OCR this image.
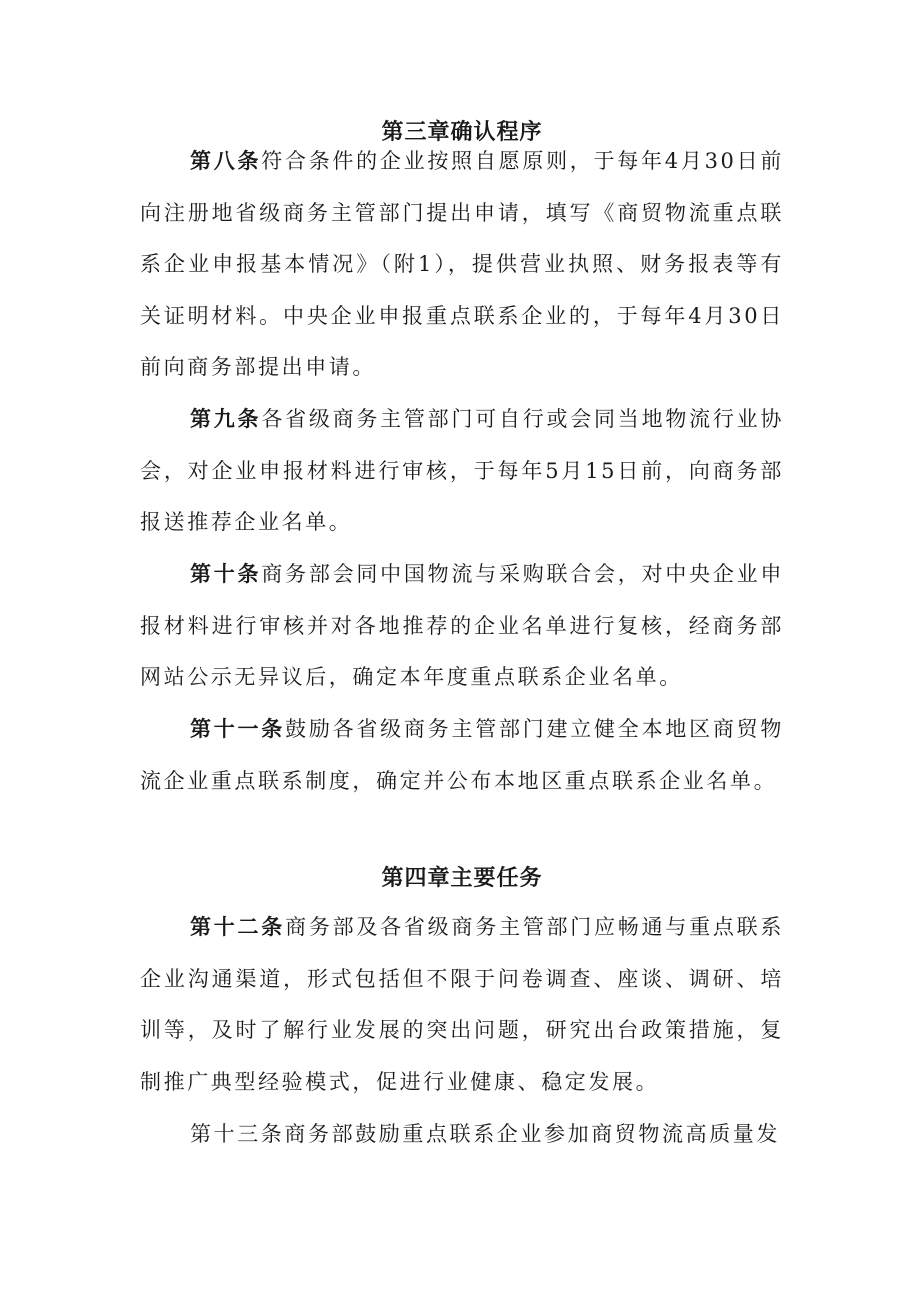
第三章确认程序

第八条符合条件的企业按照自愿原则，于每年4月30日前向注册地省级商务主管部门提出申请，填写《商贸物流重点联系企业申报基本情况》（附1），提供营业执照、财务报表等有关证明材料。中央企业申报重点联系企业的，于每年4月30日前向商务部提出申请。

第九条各省级商务主管部门可自行或会同当地物流行业协会，对企业申报材料进行审核，于每年5月15日前，向商务部报送推荐企业名单。

第十条商务部会同中国物流与采购联合会，对中央企业申报材料进行审核并对各地推荐的企业名单进行复核，经商务部网站公示无异议后，确定本年度重点联系企业名单。

第十一条鼓励各省级商务主管部门建立健全本地区商贸物流企业重点联系制度，确定并公布本地区重点联系企业名单。

第四章主要任务

第十二条商务部及各省级商务主管部门应畅通与重点联系企业沟通渠道，形式包括但不限于问卷调查、座谈、调研、培训等，及时了解行业发展的突出问题，研究出台政策措施，复制推广典型经验模式，促进行业健康、稳定发展。

第十三条商务部鼓励重点联系企业参加商贸物流高质量发
